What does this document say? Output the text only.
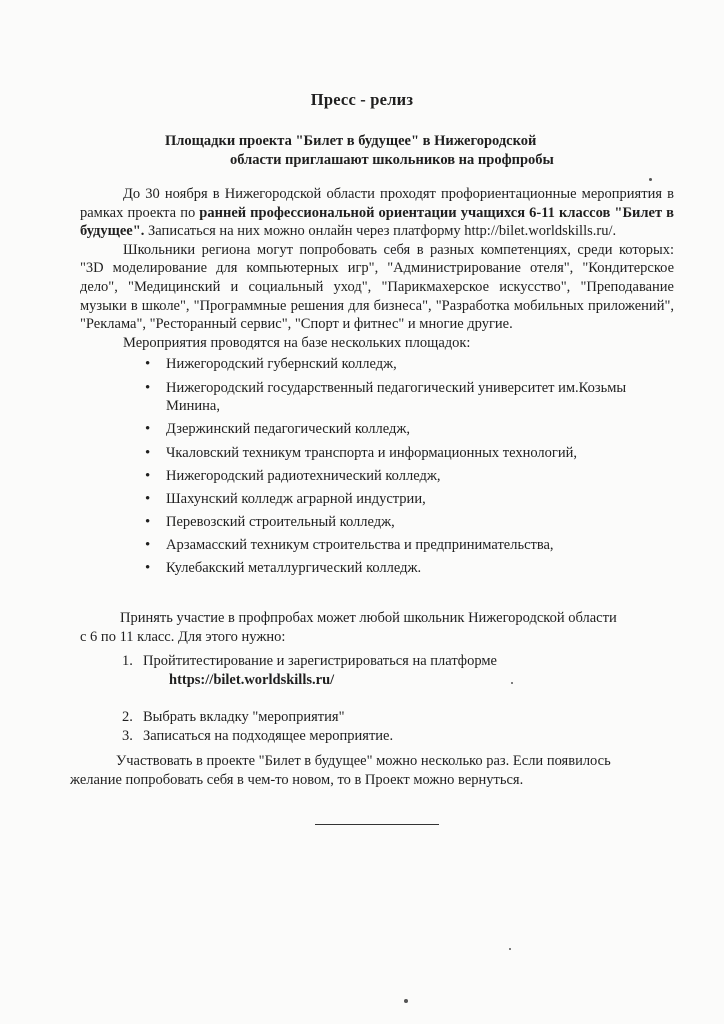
Пресс - релиз
Площадки проекта "Билет в будущее" в Нижегородской
области приглашают школьников на профпробы

До 30 ноября в Нижегородской области проходят профориентационные мероприятия в рамках проекта по ранней профессиональной ориентации учащихся 6-11 классов "Билет в будущее". Записаться на них можно онлайн через платформу http://bilet.worldskills.ru/.

Школьники региона могут попробовать себя в разных компетенциях, среди которых: "3D моделирование для компьютерных игр", "Администрирование отеля", "Кондитерское дело", "Медицинский и социальный уход", "Парикмахерское искусство", "Преподавание музыки в школе", "Программные решения для бизнеса", "Разработка мобильных приложений", "Реклама", "Ресторанный сервис", "Спорт и фитнес" и многие другие.

Мероприятия проводятся на базе нескольких площадок:

• Нижегородский губернский колледж,
• Нижегородский государственный педагогический университет им.Козьмы Минина,
• Дзержинский педагогический колледж,
• Чкаловский техникум транспорта и информационных технологий,
• Нижегородский радиотехнический колледж,
• Шахунский колледж аграрной индустрии,
• Перевозский строительный колледж,
• Арзамасский техникум строительства и предпринимательства,
• Кулебакский металлургический колледж.
Принять участие в профпробах может любой школьник Нижегородской области
с 6 по 11 класс. Для этого нужно:
1. Пройтитестирование и зарегистрироваться на платформе
https://bilet.worldskills.ru/
2. Выбрать вкладку "мероприятия"
3. Записаться на подходящее мероприятие.
Участвовать в проекте "Билет в будущее" можно несколько раз. Если появилось
желание попробовать себя в чем-то новом, то в Проект можно вернуться.
